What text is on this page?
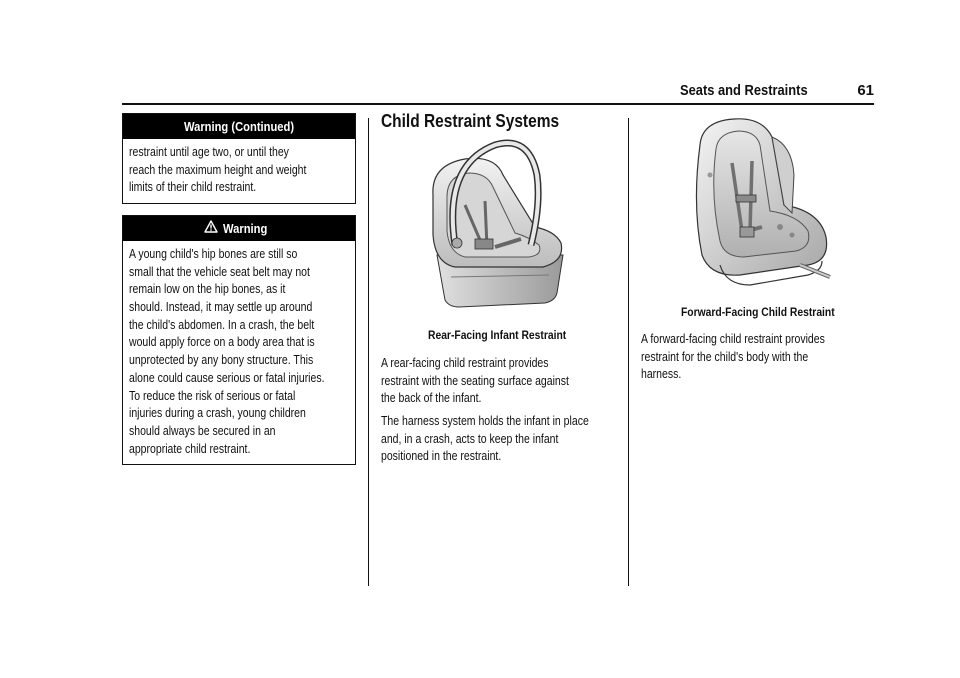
Seats and Restraints	61
Warning (Continued)
restraint until age two, or until they
reach the maximum height and weight
limits of their child restraint.
Warning
A young child's hip bones are still so
small that the vehicle seat belt may not
remain low on the hip bones, as it
should. Instead, it may settle up around
the child's abdomen. In a crash, the belt
would apply force on a body area that is
unprotected by any bony structure. This
alone could cause serious or fatal injuries.
To reduce the risk of serious or fatal
injuries during a crash, young children
should always be secured in an
appropriate child restraint.
Child Restraint Systems
Rear-Facing Infant Restraint
A rear-facing child restraint provides
restraint with the seating surface against
the back of the infant.
The harness system holds the infant in place
and, in a crash, acts to keep the infant
positioned in the restraint.
Forward-Facing Child Restraint
A forward-facing child restraint provides
restraint for the child's body with the
harness.
